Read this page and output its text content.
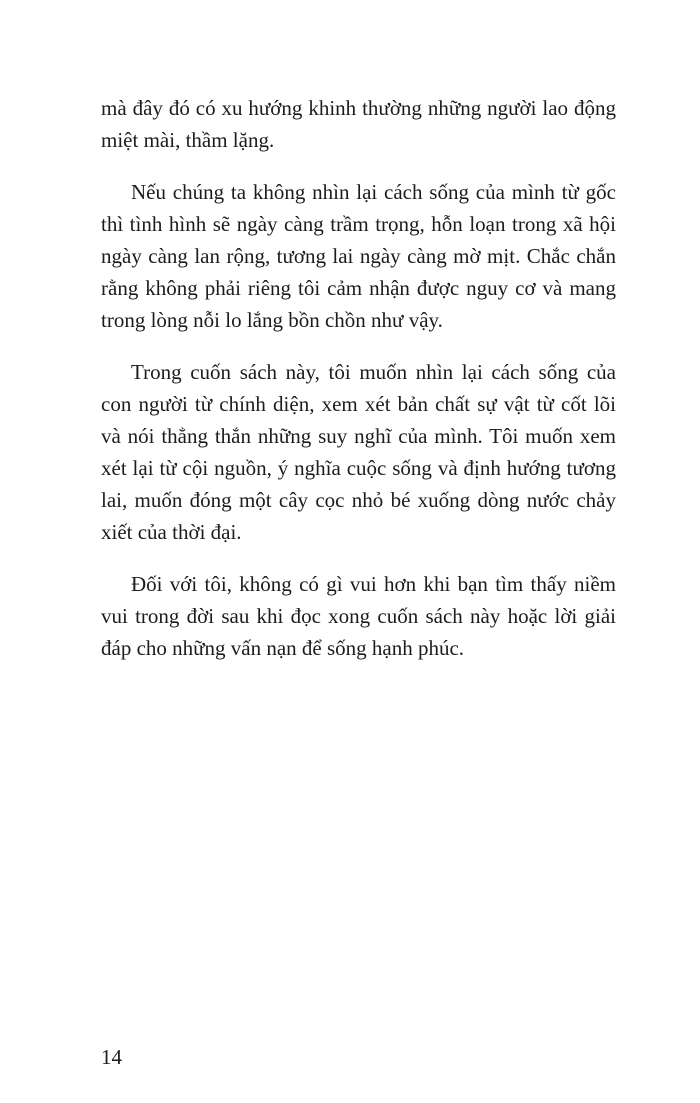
mà đây đó có xu hướng khinh thường những người lao động miệt mài, thầm lặng.

Nếu chúng ta không nhìn lại cách sống của mình từ gốc thì tình hình sẽ ngày càng trầm trọng, hỗn loạn trong xã hội ngày càng lan rộng, tương lai ngày càng mờ mịt. Chắc chắn rằng không phải riêng tôi cảm nhận được nguy cơ và mang trong lòng nỗi lo lắng bồn chồn như vậy.

Trong cuốn sách này, tôi muốn nhìn lại cách sống của con người từ chính diện, xem xét bản chất sự vật từ cốt lõi và nói thẳng thắn những suy nghĩ của mình. Tôi muốn xem xét lại từ cội nguồn, ý nghĩa cuộc sống và định hướng tương lai, muốn đóng một cây cọc nhỏ bé xuống dòng nước chảy xiết của thời đại.

Đối với tôi, không có gì vui hơn khi bạn tìm thấy niềm vui trong đời sau khi đọc xong cuốn sách này hoặc lời giải đáp cho những vấn nạn để sống hạnh phúc.

14
